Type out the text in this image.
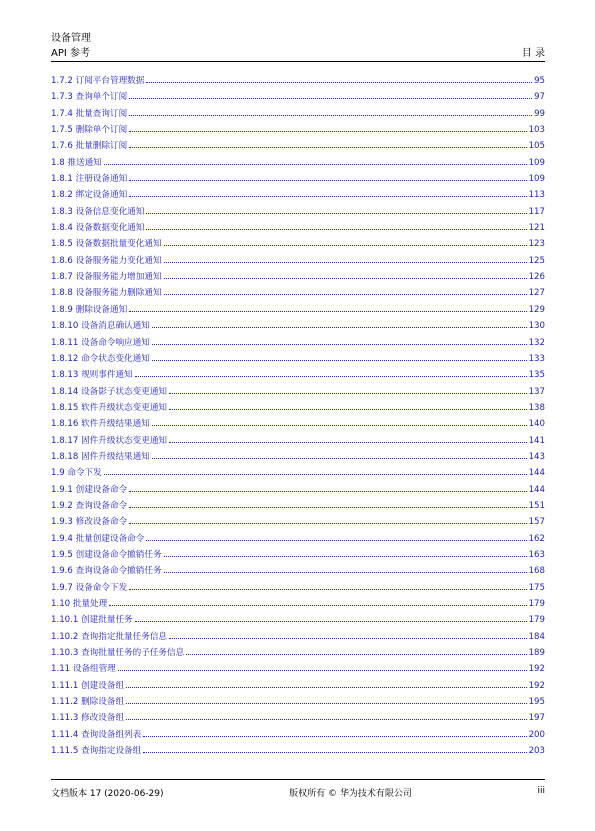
设备管理
API 参考	目 录
1.7.2 订阅平台管理数据	95
1.7.3 查询单个订阅	97
1.7.4 批量查询订阅	99
1.7.5 删除单个订阅	103
1.7.6 批量删除订阅	105
1.8 推送通知	109
1.8.1 注册设备通知	109
1.8.2 绑定设备通知	113
1.8.3 设备信息变化通知	117
1.8.4 设备数据变化通知	121
1.8.5 设备数据批量变化通知	123
1.8.6 设备服务能力变化通知	125
1.8.7 设备服务能力增加通知	126
1.8.8 设备服务能力删除通知	127
1.8.9 删除设备通知	129
1.8.10 设备消息确认通知	130
1.8.11 设备命令响应通知	132
1.8.12 命令状态变化通知	133
1.8.13 规则事件通知	135
1.8.14 设备影子状态变更通知	137
1.8.15 软件升级状态变更通知	138
1.8.16 软件升级结果通知	140
1.8.17 固件升级状态变更通知	141
1.8.18 固件升级结果通知	143
1.9 命令下发	144
1.9.1 创建设备命令	144
1.9.2 查询设备命令	151
1.9.3 修改设备命令	157
1.9.4 批量创建设备命令	162
1.9.5 创建设备命令撤销任务	163
1.9.6 查询设备命令撤销任务	168
1.9.7 设备命令下发	175
1.10 批量处理	179
1.10.1 创建批量任务	179
1.10.2 查询指定批量任务信息	184
1.10.3 查询批量任务的子任务信息	189
1.11 设备组管理	192
1.11.1 创建设备组	192
1.11.2 删除设备组	195
1.11.3 修改设备组	197
1.11.4 查询设备组列表	200
1.11.5 查询指定设备组	203
文档版本 17 (2020-06-29)	版权所有 © 华为技术有限公司	iii
